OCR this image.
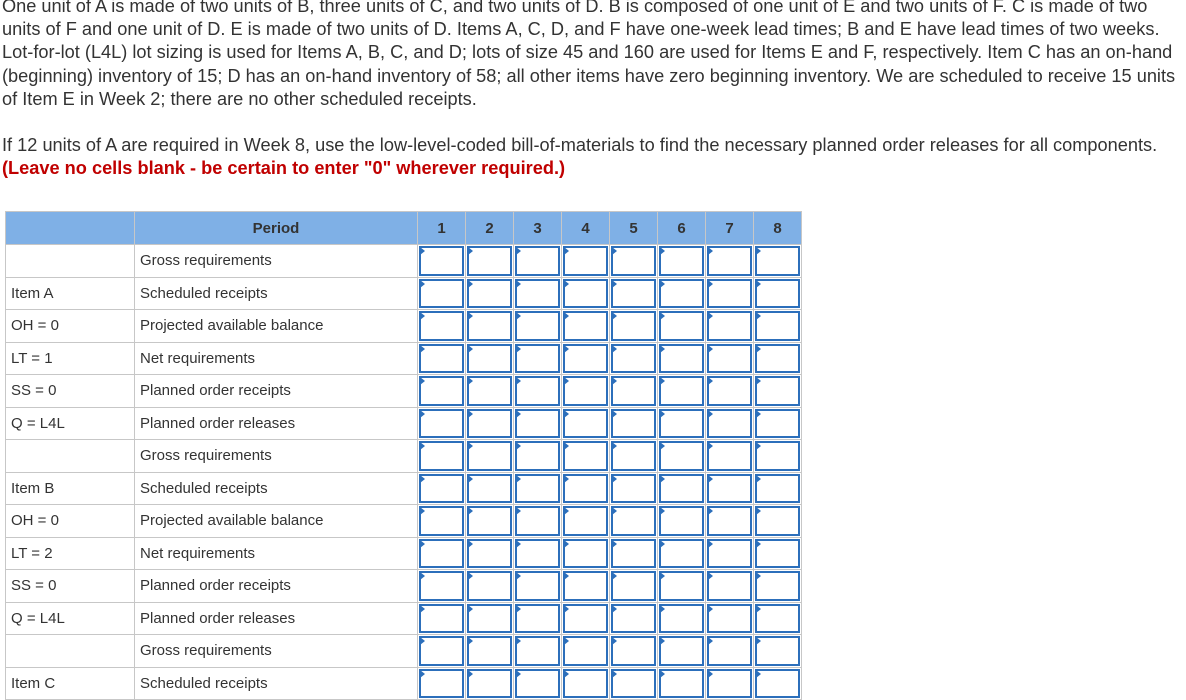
One unit of A is made of two units of B, three units of C, and two units of D. B is composed of one unit of E and two units of F. C is made of two units of F and one unit of D. E is made of two units of D. Items A, C, D, and F have one-week lead times; B and E have lead times of two weeks. Lot-for-lot (L4L) lot sizing is used for Items A, B, C, and D; lots of size 45 and 160 are used for Items E and F, respectively. Item C has an on-hand (beginning) inventory of 15; D has an on-hand inventory of 58; all other items have zero beginning inventory. We are scheduled to receive 15 units of Item E in Week 2; there are no other scheduled receipts.

If 12 units of A are required in Week 8, use the low-level-coded bill-of-materials to find the necessary planned order releases for all components. (Leave no cells blank - be certain to enter "0" wherever required.)

	Period	1	2	3	4	5	6	7	8
	Gross requirements	

Item A	Scheduled receipts	

OH = 0	Projected available balance	

LT = 1	Net requirements	

SS = 0	Planned order receipts	

Q = L4L	Planned order releases	

	Gross requirements	

Item B	Scheduled receipts	

OH = 0	Projected available balance	

LT = 2	Net requirements	

SS = 0	Planned order receipts	

Q = L4L	Planned order releases	

	Gross requirements	

Item C	Scheduled receipts	
